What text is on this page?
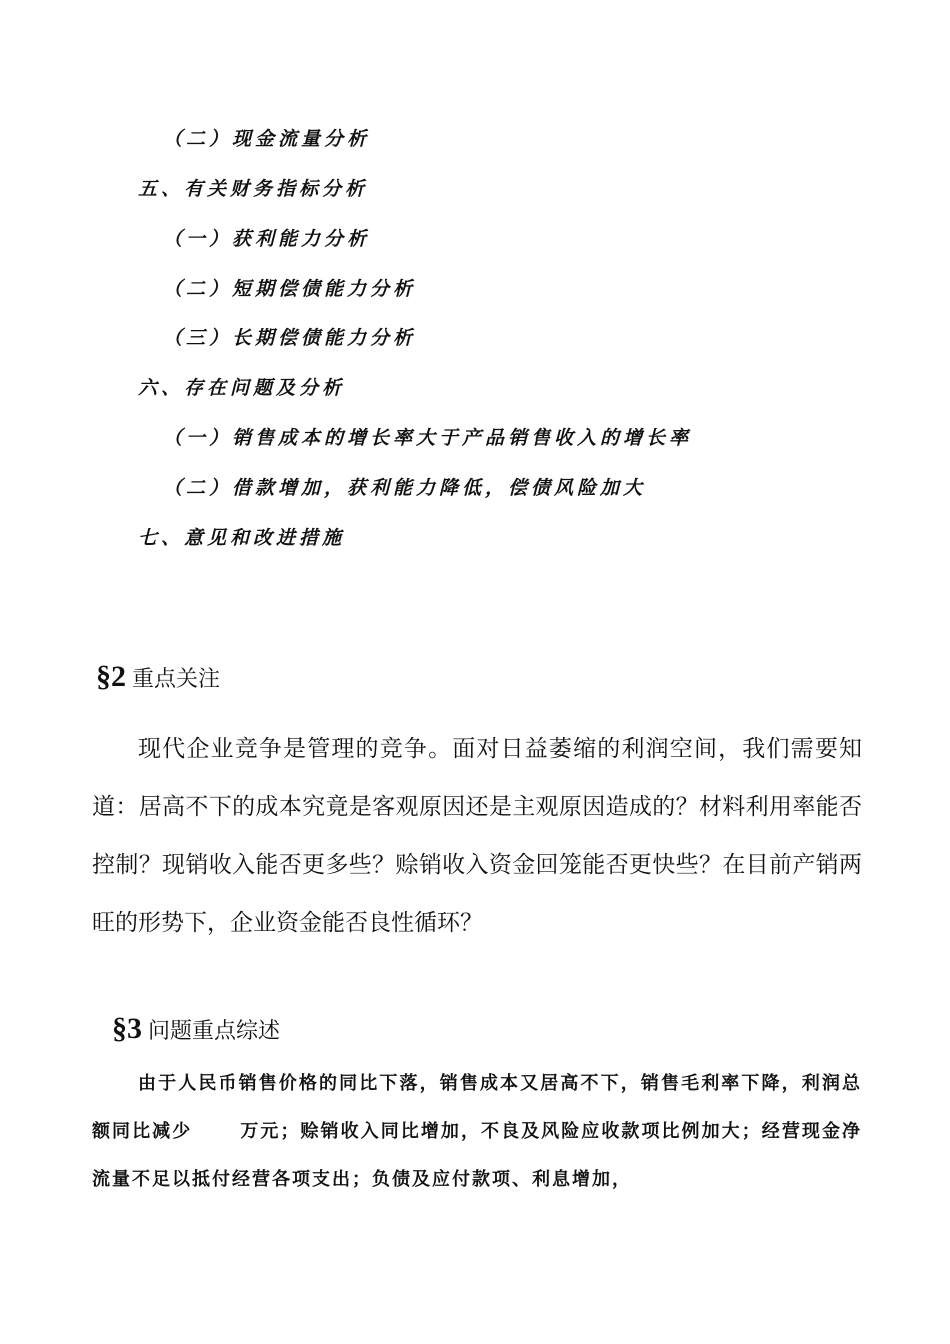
（二）现金流量分析
五、有关财务指标分析
（一）获利能力分析
（二）短期偿债能力分析
（三）长期偿债能力分析
六、存在问题及分析
（一）销售成本的增长率大于产品销售收入的增长率
（二）借款增加，获利能力降低，偿债风险加大
七、意见和改进措施
§2 重点关注
现代企业竞争是管理的竞争。面对日益萎缩的利润空间，我们需要知道：居高不下的成本究竟是客观原因还是主观原因造成的？材料利用率能否控制？现销收入能否更多些？赊销收入资金回笼能否更快些？在目前产销两旺的形势下，企业资金能否良性循环？
§3 问题重点综述
由于人民币销售价格的同比下落，销售成本又居高不下，销售毛利率下降，利润总额同比减少	万元；赊销收入同比增加，不良及风险应收款项比例加大；经营现金净流量不足以抵付经营各项支出；负债及应付款项、利息增加，
